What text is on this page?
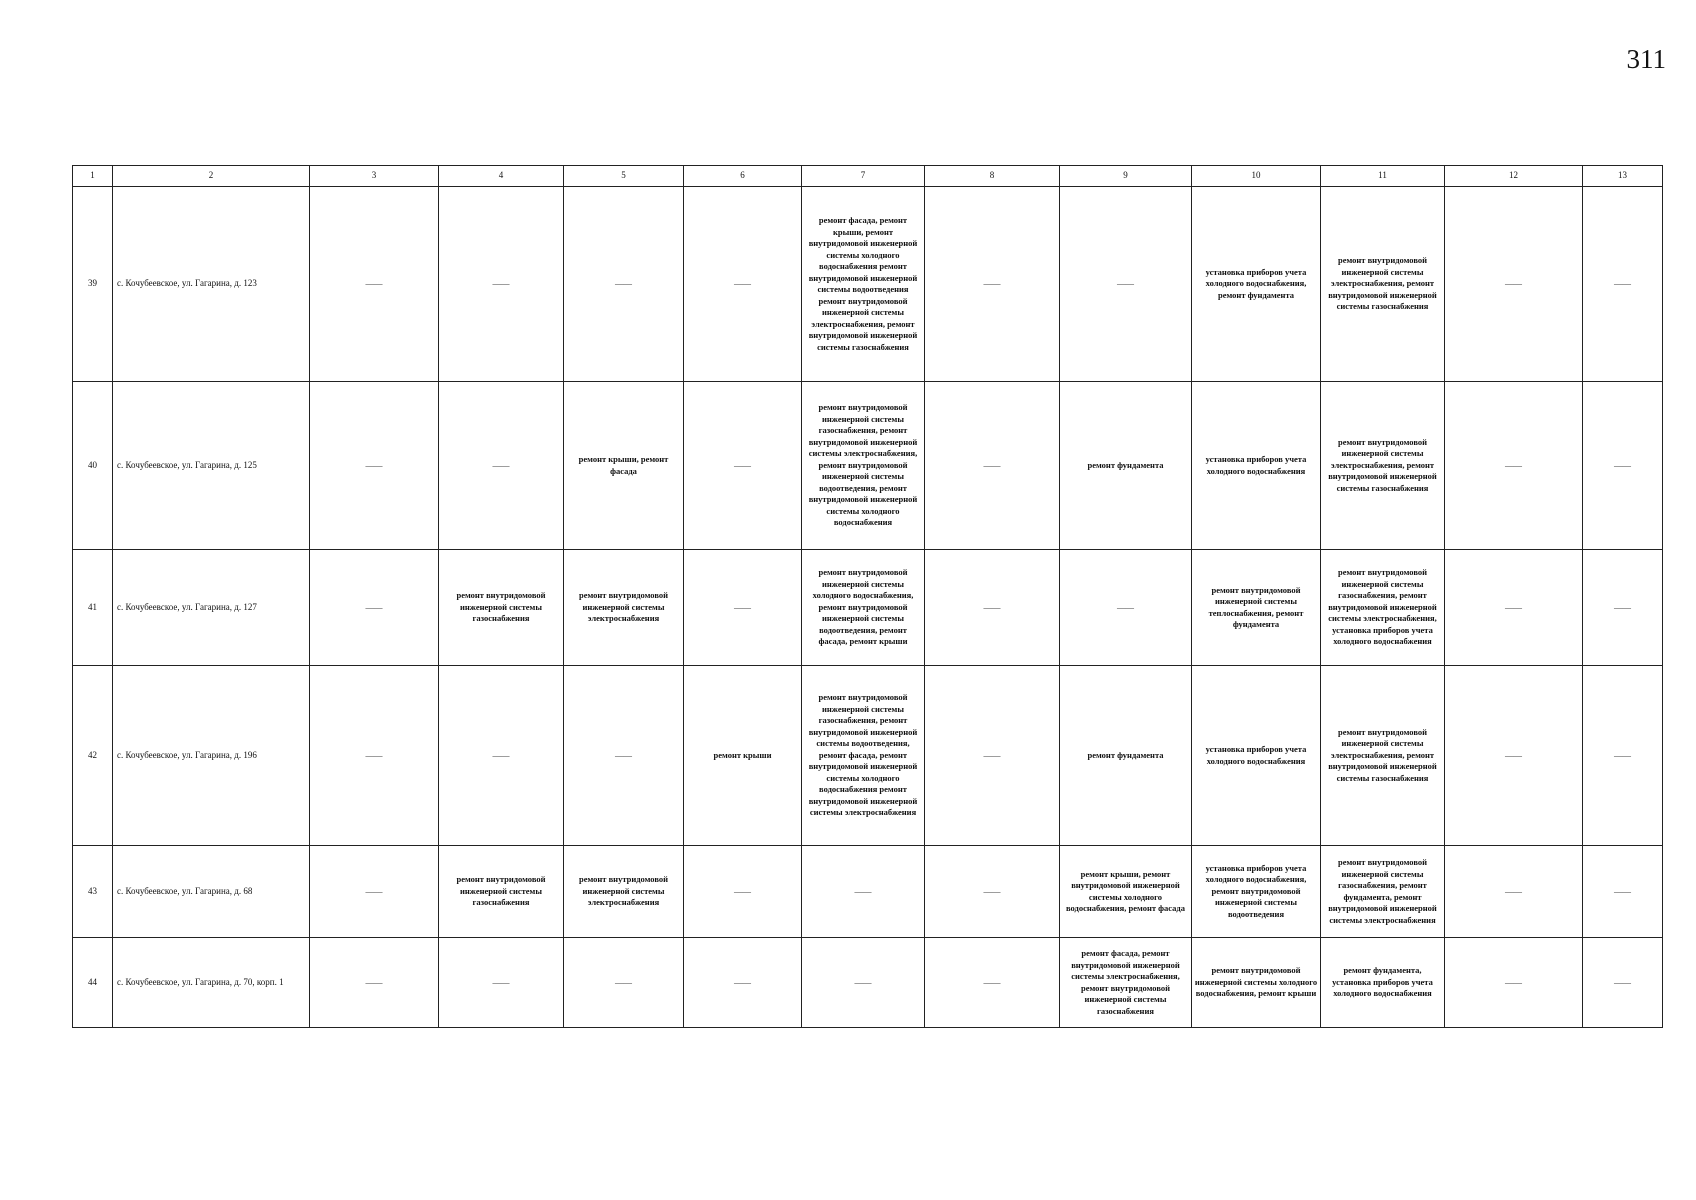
311
1	2	3	4	5	6	7	8	9	10	11	12	13
39	с. Кочубеевское, ул. Гагарина, д. 123	——	——	——	——	ремонт фасада, ремонт крыши, ремонт внутридомовой инженерной системы холодного водоснабжения ремонт внутридомовой инженерной системы водоотведения ремонт внутридомовой инженерной системы электроснабжения, ремонт внутридомовой инженерной системы газоснабжения	——	——	установка приборов учета холодного водоснабжения, ремонт фундамента	ремонт внутридомовой инженерной системы электроснабжения, ремонт внутридомовой инженерной системы газоснабжения	——	——
40	с. Кочубеевское, ул. Гагарина, д. 125	——	——	ремонт крыши, ремонт фасада	——	ремонт внутридомовой инженерной системы газоснабжения, ремонт внутридомовой инженерной системы электроснабжения, ремонт внутридомовой инженерной системы водоотведения, ремонт внутридомовой инженерной системы холодного водоснабжения	——	ремонт фундамента	установка приборов учета холодного водоснабжения	ремонт внутридомовой инженерной системы электроснабжения, ремонт внутридомовой инженерной системы газоснабжения	——	——
41	с. Кочубеевское, ул. Гагарина, д. 127	——	ремонт внутридомовой инженерной системы газоснабжения	ремонт внутридомовой инженерной системы электроснабжения	——	ремонт внутридомовой инженерной системы холодного водоснабжения, ремонт внутридомовой инженерной системы водоотведения, ремонт фасада, ремонт крыши	——	——	ремонт внутридомовой инженерной системы теплоснабжения, ремонт фундамента	ремонт внутридомовой инженерной системы газоснабжения, ремонт внутридомовой инженерной системы электроснабжения, установка приборов учета холодного водоснабжения	——	——
42	с. Кочубеевское, ул. Гагарина, д. 196	——	——	——	ремонт крыши	ремонт внутридомовой инженерной системы газоснабжения, ремонт внутридомовой инженерной системы водоотведения, ремонт фасада, ремонт внутридомовой инженерной системы холодного водоснабжения ремонт внутридомовой инженерной системы электроснабжения	——	ремонт фундамента	установка приборов учета холодного водоснабжения	ремонт внутридомовой инженерной системы электроснабжения, ремонт внутридомовой инженерной системы газоснабжения	——	——
43	с. Кочубеевское, ул. Гагарина, д. 68	——	ремонт внутридомовой инженерной системы газоснабжения	ремонт внутридомовой инженерной системы электроснабжения	——	——	——	ремонт крыши, ремонт внутридомовой инженерной системы холодного водоснабжения, ремонт фасада	установка приборов учета холодного водоснабжения, ремонт внутридомовой инженерной системы водоотведения	ремонт внутридомовой инженерной системы газоснабжения, ремонт фундамента, ремонт внутридомовой инженерной системы электроснабжения	——	——
44	с. Кочубеевское, ул. Гагарина, д. 70, корп. 1	——	——	——	——	——	——	ремонт фасада, ремонт внутридомовой инженерной системы электроснабжения, ремонт внутридомовой инженерной системы газоснабжения	ремонт внутридомовой инженерной системы холодного водоснабжения, ремонт крыши	ремонт фундамента, установка приборов учета холодного водоснабжения	——	——
